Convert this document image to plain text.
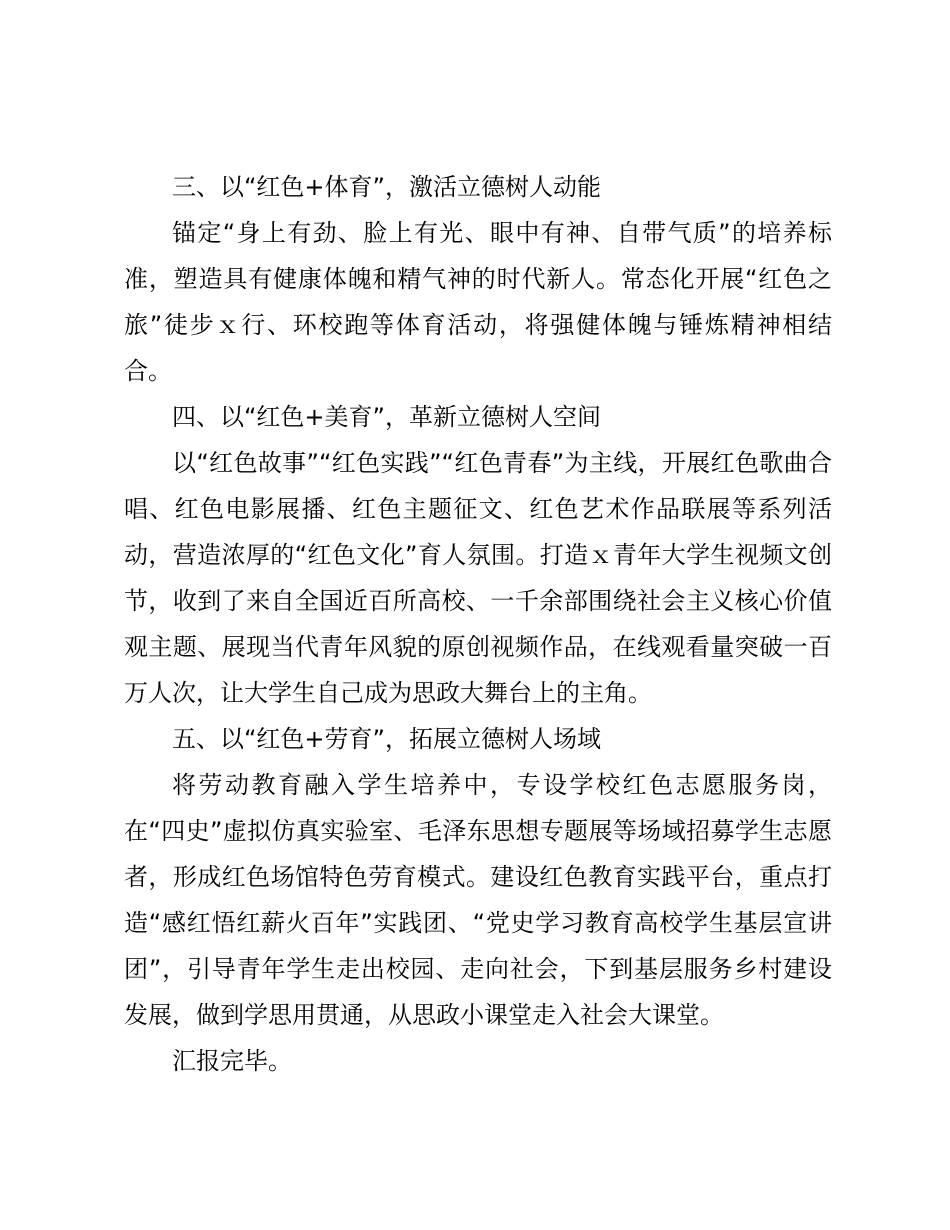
三、以“红色+体育”，激活立德树人动能

锚定“身上有劲、脸上有光、眼中有神、自带气质”的培养标准，塑造具有健康体魄和精气神的时代新人。常态化开展“红色之旅”徒步ｘ行、环校跑等体育活动，将强健体魄与锤炼精神相结合。

四、以“红色+美育”，革新立德树人空间

以“红色故事”“红色实践”“红色青春”为主线，开展红色歌曲合唱、红色电影展播、红色主题征文、红色艺术作品联展等系列活动，营造浓厚的“红色文化”育人氛围。打造ｘ青年大学生视频文创节，收到了来自全国近百所高校、一千余部围绕社会主义核心价值观主题、展现当代青年风貌的原创视频作品，在线观看量突破一百万人次，让大学生自己成为思政大舞台上的主角。

五、以“红色+劳育”，拓展立德树人场域

将劳动教育融入学生培养中，专设学校红色志愿服务岗，在“四史”虚拟仿真实验室、毛泽东思想专题展等场域招募学生志愿者，形成红色场馆特色劳育模式。建设红色教育实践平台，重点打造“感红悟红薪火百年”实践团、“党史学习教育高校学生基层宣讲团”，引导青年学生走出校园、走向社会，下到基层服务乡村建设发展，做到学思用贯通，从思政小课堂走入社会大课堂。

汇报完毕。
